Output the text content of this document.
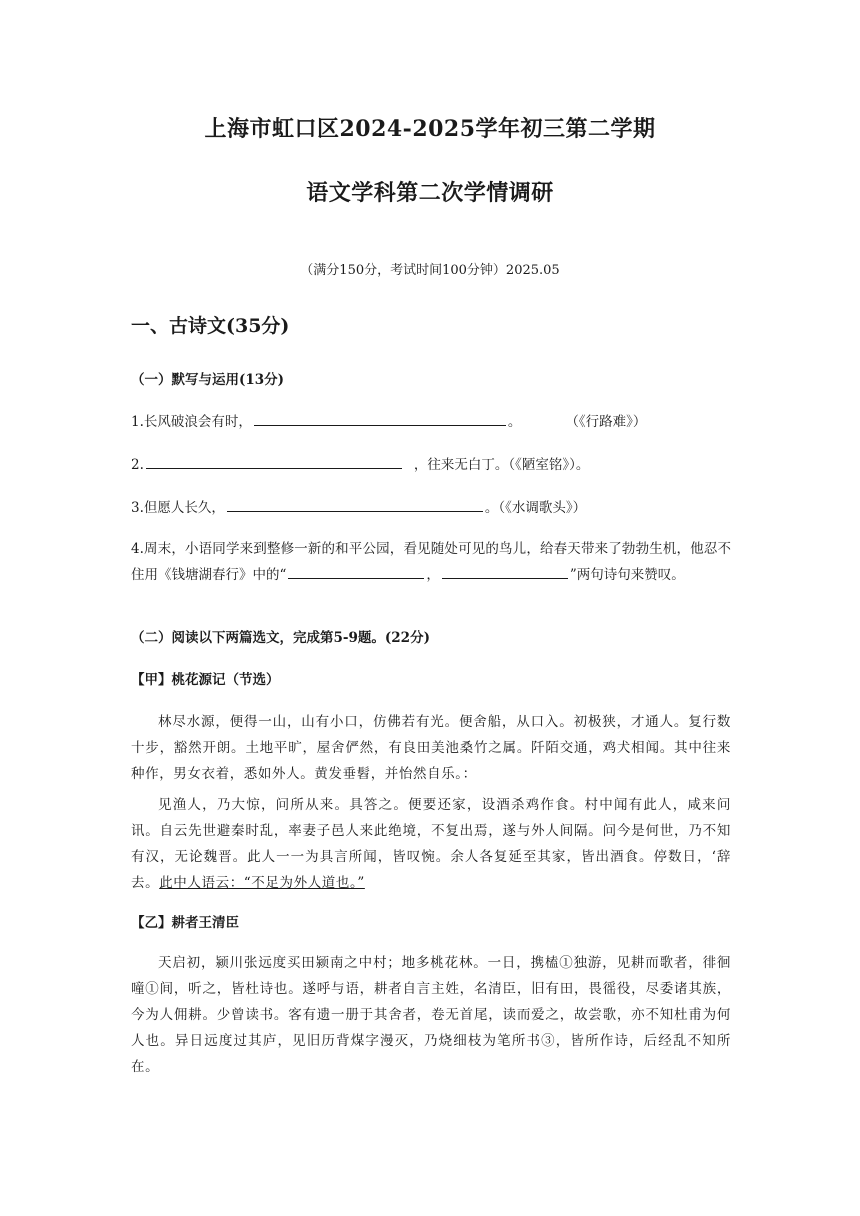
上海市虹口区2024-2025学年初三第二学期
语文学科第二次学情调研
（满分150分，考试时间100分钟）2025.05
一、古诗文(35分)
（一）默写与运用(13分)
1.长风破浪会有时，	。	（《行路难》）
2.	，往来无白丁。（《陋室铭》）。
3.但愿人长久，	。（《水调歌头》）
4.周末，小语同学来到整修一新的和平公园，看见随处可见的鸟儿，给春天带来了勃勃生机，他忍不住用《钱塘湖春行》中的“	，	”两句诗句来赞叹。
（二）阅读以下两篇选文，完成第5-9题。(22分)
【甲】桃花源记（节选）
林尽水源，便得一山，山有小口，仿佛若有光。便舍船，从口入。初极狭，才通人。复行数十步，豁然开朗。土地平旷，屋舍俨然，有良田美池桑竹之属。阡陌交通，鸡犬相闻。其中往来种作，男女衣着，悉如外人。黄发垂髫，并怡然自乐。：
见渔人，乃大惊，问所从来。具答之。便要还家，设酒杀鸡作食。村中闻有此人，咸来问讯。自云先世避秦时乱，率妻子邑人来此绝境，不复出焉，遂与外人间隔。问今是何世，乃不知有汉，无论魏晋。此人一一为具言所闻，皆叹惋。余人各复延至其家，皆出酒食。停数日，‘辞去。此中人语云：“不足为外人道也。”
【乙】耕者王清臣
天启初，颍川张远度买田颍南之中村；地多桃花林。一日，携榼①独游，见耕而歌者，徘徊噇①间，听之，皆杜诗也。遂呼与语，耕者自言主姓，名清臣，旧有田，畏徭役，尽委诸其族，今为人佣耕。少曾读书。客有遗一册于其舍者，卷无首尾，读而爱之，故尝歌，亦不知杜甫为何人也。异日远度过其庐，见旧历背煤字漫灭，乃烧细枝为笔所书③，皆所作诗，后经乱不知所在。
